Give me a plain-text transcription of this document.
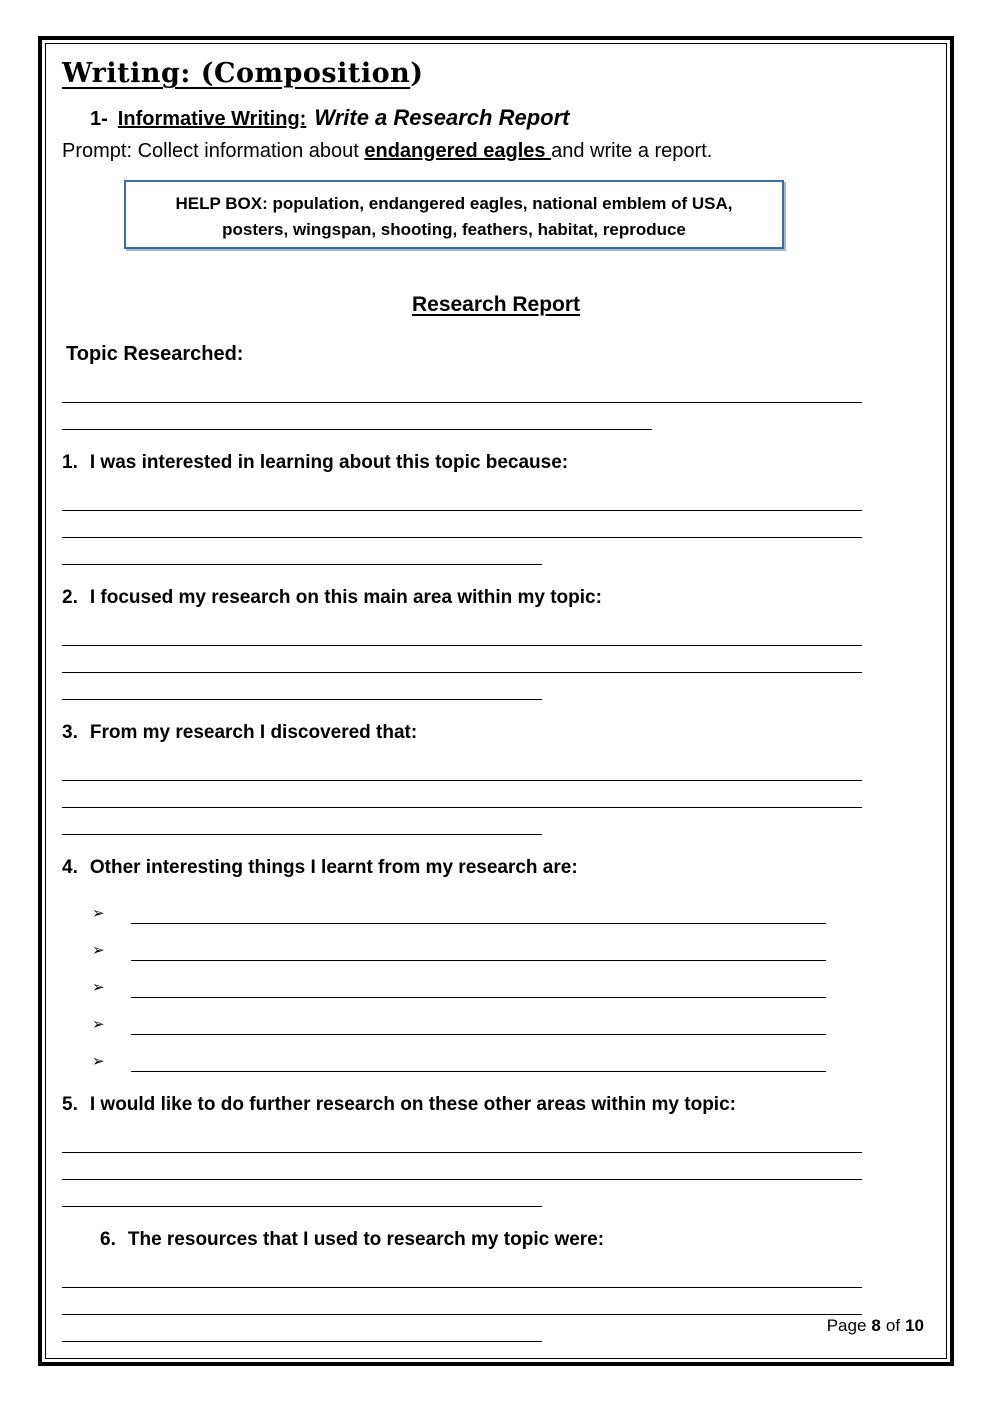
Writing: (Composition)
1- Informative Writing: Write a Research Report

Prompt: Collect information about endangered eagles and write a report.

HELP BOX: population, endangered eagles, national emblem of USA,
posters, wingspan, shooting, feathers, habitat, reproduce
Research Report
Topic Researched:
1. I was interested in learning about this topic because:
2. I focused my research on this main area within my topic:
3. From my research I discovered that:
4. Other interesting things I learnt from my research are:
➢
➢
➢
➢
➢
5. I would like to do further research on these other areas within my topic:
6. The resources that I used to research my topic were:
Page 8 of 10
